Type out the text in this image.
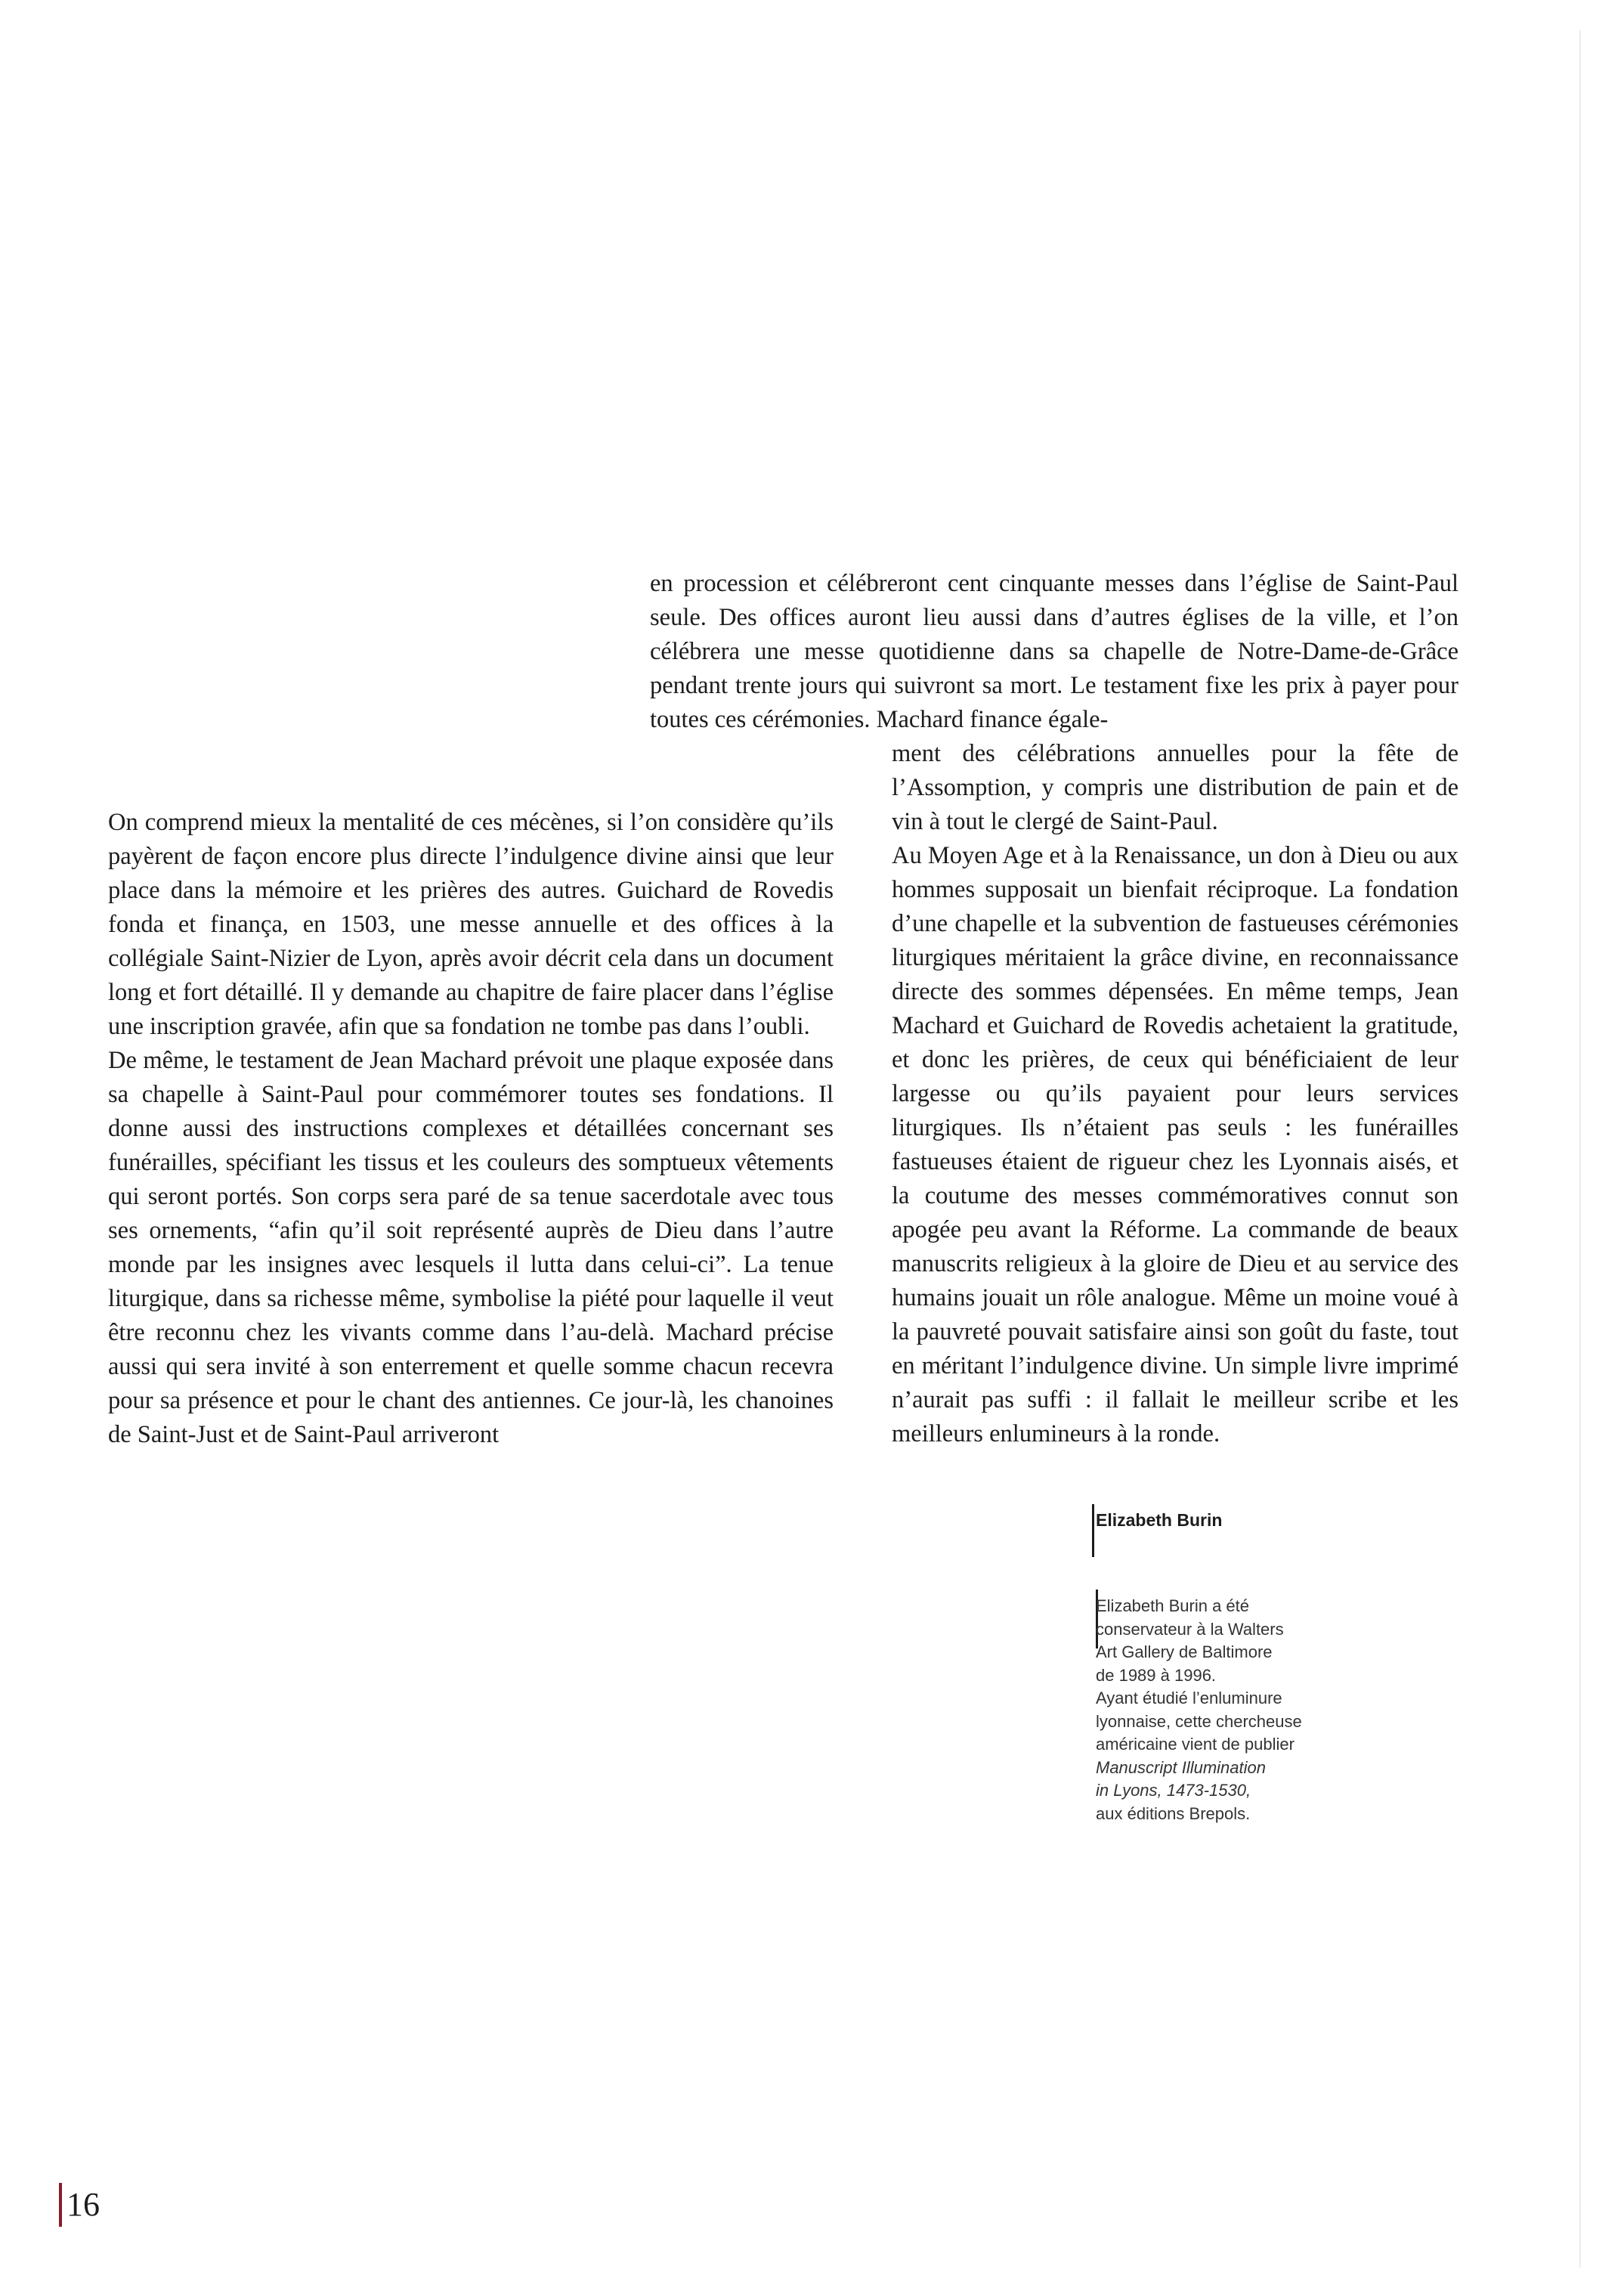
en procession et célébreront cent cinquante messes dans l’église de Saint-Paul seule. Des offices auront lieu aussi dans d’autres églises de la ville, et l’on célébrera une messe quotidienne dans sa chapelle de Notre-Dame-de-Grâce pendant trente jours qui suivront sa mort. Le testament fixe les prix à payer pour toutes ces cérémonies. Machard finance égale-

On comprend mieux la mentalité de ces mécènes, si l’on considère qu’ils payèrent de façon encore plus directe l’indulgence divine ainsi que leur place dans la mémoire et les prières des autres. Guichard de Rovedis fonda et finança, en 1503, une messe annuelle et des offices à la collégiale Saint-Nizier de Lyon, après avoir décrit cela dans un document long et fort détaillé. Il y demande au chapitre de faire placer dans l’église une inscription gravée, afin que sa fondation ne tombe pas dans l’oubli.

De même, le testament de Jean Machard prévoit une plaque exposée dans sa chapelle à Saint-Paul pour commémorer toutes ses fondations. Il donne aussi des instructions complexes et détaillées concernant ses funérailles, spécifiant les tissus et les couleurs des somptueux vêtements qui seront portés. Son corps sera paré de sa tenue sacerdotale avec tous ses ornements, “afin qu’il soit représenté auprès de Dieu dans l’autre monde par les insignes avec lesquels il lutta dans celui-ci”. La tenue liturgique, dans sa richesse même, symbolise la piété pour laquelle il veut être reconnu chez les vivants comme dans l’au-delà. Machard précise aussi qui sera invité à son enterrement et quelle somme chacun recevra pour sa présence et pour le chant des antiennes. Ce jour-là, les chanoines de Saint-Just et de Saint-Paul arriveront

ment des célébrations annuelles pour la fête de l’Assomption, y compris une distribution de pain et de vin à tout le clergé de Saint-Paul.

Au Moyen Age et à la Renaissance, un don à Dieu ou aux hommes supposait un bienfait réciproque. La fondation d’une chapelle et la subvention de fastueuses cérémonies liturgiques méritaient la grâce divine, en reconnaissance directe des sommes dépensées. En même temps, Jean Machard et Guichard de Rovedis achetaient la gratitude, et donc les prières, de ceux qui bénéficiaient de leur largesse ou qu’ils payaient pour leurs services liturgiques. Ils n’étaient pas seuls : les funérailles fastueuses étaient de rigueur chez les Lyonnais aisés, et la coutume des messes commémoratives connut son apogée peu avant la Réforme. La commande de beaux manuscrits religieux à la gloire de Dieu et au service des humains jouait un rôle analogue. Même un moine voué à la pauvreté pouvait satisfaire ainsi son goût du faste, tout en méritant l’indulgence divine. Un simple livre imprimé n’aurait pas suffi : il fallait le meilleur scribe et les meilleurs enlumineurs à la ronde.

Elizabeth Burin
Elizabeth Burin a été
conservateur à la Walters
Art Gallery de Baltimore
de 1989 à 1996.
Ayant étudié l’enluminure
lyonnaise, cette chercheuse
américaine vient de publier
Manuscript Illumination
in Lyons, 1473-1530,
aux éditions Brepols.
16
